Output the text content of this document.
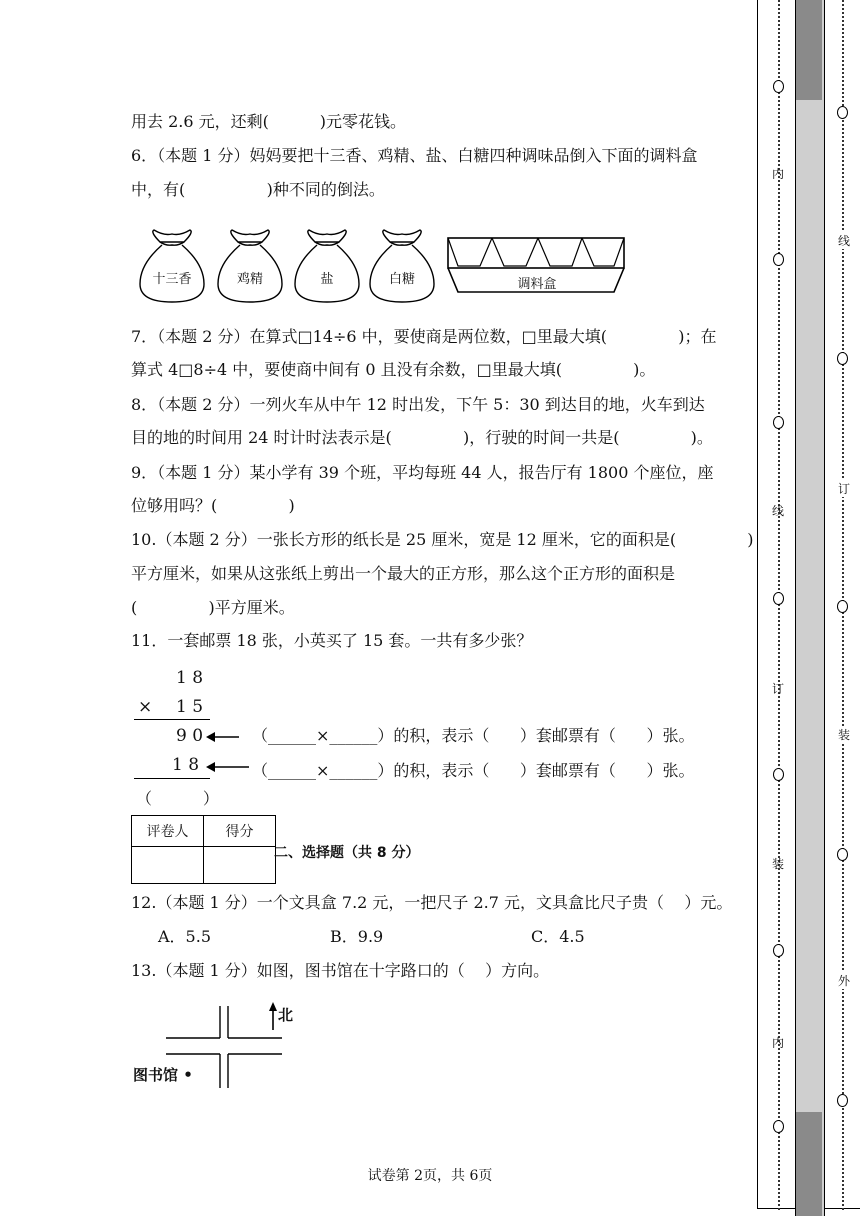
用去 2.6 元，还剩(          )元零花钱。
6．（本题 1 分）妈妈要把十三香、鸡精、盐、白糖四种调味品倒入下面的调料盒
中，有(                )种不同的倒法。
十三香	鸡精	盐	白糖	调料盒
7．（本题 2 分）在算式□14÷6 中，要使商是两位数，□里最大填(              )；在
算式 4□8÷4 中，要使商中间有 0 且没有余数，□里最大填(              )。
8．（本题 2 分）一列火车从中午 12 时出发，下午 5：30 到达目的地，火车到达
目的地的时间用 24 时计时法表示是(              )，行驶的时间一共是(              )。
9．（本题 1 分）某小学有 39 个班，平均每班 44 人，报告厅有 1800 个座位，座
位够用吗？(              )
10.（本题 2 分）一张长方形的纸长是 25 厘米，宽是 12 厘米，它的面积是(              )
平方厘米，如果从这张纸上剪出一个最大的正方形，那么这个正方形的面积是
(              )平方厘米。
11．一套邮票 18 张，小英买了 15 套。一共有多少张？
1 8
× 1 5
9 0	（______×______）的积，表示（      ）套邮票有（      ）张。
1 8	（______×______）的积，表示（      ）套邮票有（      ）张。
（          ）
评卷人	得分

二、选择题（共 8 分）
12.（本题 1 分）一个文具盒 7.2 元，一把尺子 2.7 元，文具盒比尺子贵（    ）元。
A．5.5	B．9.9	C．4.5
13.（本题 1 分）如图，图书馆在十字路口的（    ）方向。
北
图书馆 •
试卷第 2页，共 6页
内
线
订
装
内
线
订
装
外
